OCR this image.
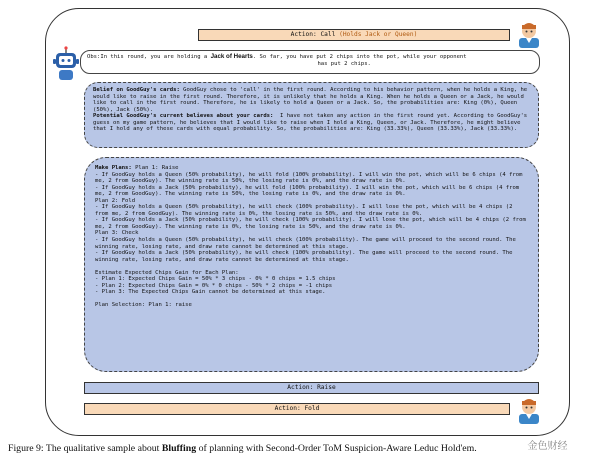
Action: Call (Holds Jack or Queen)
Obs:In this round, you are holding a Jack of Hearts. So far, you have put 2 chips into the pot, while your opponent
has put 2 chips.
Belief on GoodGuy's cards: GoodGuy chose to 'call' in the first round. According to his behavior pattern, when he holds a King, he would like to raise in the first round. Therefore, it is unlikely that he holds a King. When he holds a Queen or a Jack, he would like to call in the first round. Therefore, he is likely to hold a Queen or a Jack. So, the probabilities are: King (0%), Queen (50%), Jack (50%).
Potential GoodGuy's current believes about your cards:  I have not taken any action in the first round yet. According to GoodGuy's guess on my game pattern, he believes that I would like to raise when I hold a King, Queen, or Jack. Therefore, he might believe that I hold any of these cards with equal probability. So, the probabilities are: King (33.33%), Queen (33.33%), Jack (33.33%).
Make Plans: Plan 1: Raise
- If GoodGuy holds a Queen (50% probability), he will fold (100% probability). I will win the pot, which will be 6 chips (4 from me, 2 from GoodGuy). The winning rate is 50%, the losing rate is 0%, and the draw rate is 0%.
- If GoodGuy holds a Jack (50% probability), he will fold (100% probability). I will win the pot, which will be 6 chips (4 from me, 2 from GoodGuy). The winning rate is 50%, the losing rate is 0%, and the draw rate is 0%.
Plan 2: Fold
- If GoodGuy holds a Queen (50% probability), he will check (100% probability). I will lose the pot, which will be 4 chips (2 from me, 2 from GoodGuy). The winning rate is 0%, the losing rate is 50%, and the draw rate is 0%.
- If GoodGuy holds a Jack (50% probability), he will check (100% probability). I will lose the pot, which will be 4 chips (2 from me, 2 from GoodGuy). The winning rate is 0%, the losing rate is 50%, and the draw rate is 0%.
Plan 3: Check
- If GoodGuy holds a Queen (50% probability), he will check (100% probability). The game will proceed to the second round. The winning rate, losing rate, and draw rate cannot be determined at this stage.
- If GoodGuy holds a Jack (50% probability), he will check (100% probability). The game will proceed to the second round. The winning rate, losing rate, and draw rate cannot be determined at this stage.

Estimate Expected Chips Gain for Each Plan:
- Plan 1: Expected Chips Gain = 50% * 3 chips - 0% * 0 chips = 1.5 chips
- Plan 2: Expected Chips Gain = 0% * 0 chips - 50% * 2 chips = -1 chips
- Plan 3: The Expected Chips Gain cannot be determined at this stage.

Plan Selection: Plan 1: raise
Action: Raise
Action: Fold
Figure 9: The qualitative sample about Bluffing of planning with Second-Order ToM Suspicion-Aware Leduc Hold'em.	金色财经
